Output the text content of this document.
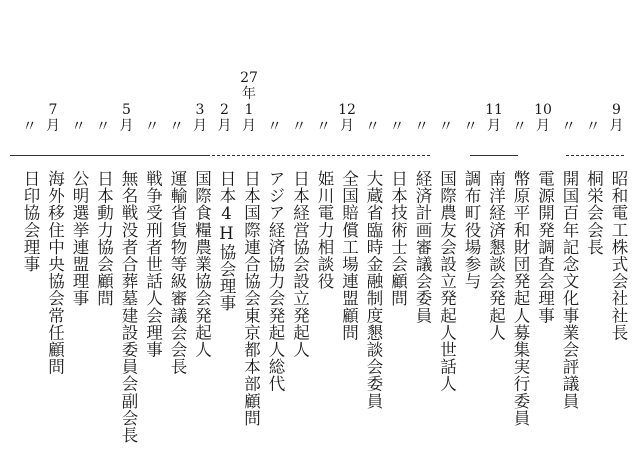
9
月
昭和電工株式会社社長
〃
桐栄会会長
〃
開国百年記念文化事業会評議員
10
月
電源開発調査会理事
〃
幣原平和財団発起人募集実行委員
11
月
南洋経済懇談会発起人
〃
調布町役場参与
〃
国際農友会設立発起人世話人
〃
経済計画審議会委員
〃
日本技術士会顧問
〃
大蔵省臨時金融制度懇談会委員
12
月
全国賠償工場連盟顧問
〃
姫川電力相談役
〃
日本経営協会設立発起人
〃
アジア経済協力会発起人総代
27
年
1
月
日本国際連合協会東京都本部顧問
2
月
日本4H協会理事
3
月
国際食糧農業協会発起人
〃
運輸省貨物等級審議会会長
〃
戦争受刑者世話人会理事
5
月
無名戦没者合葬墓建設委員会副会長
〃
日本動力協会顧問
〃
公明選挙連盟理事
7
月
海外移住中央協会常任顧問
〃
日印協会理事
